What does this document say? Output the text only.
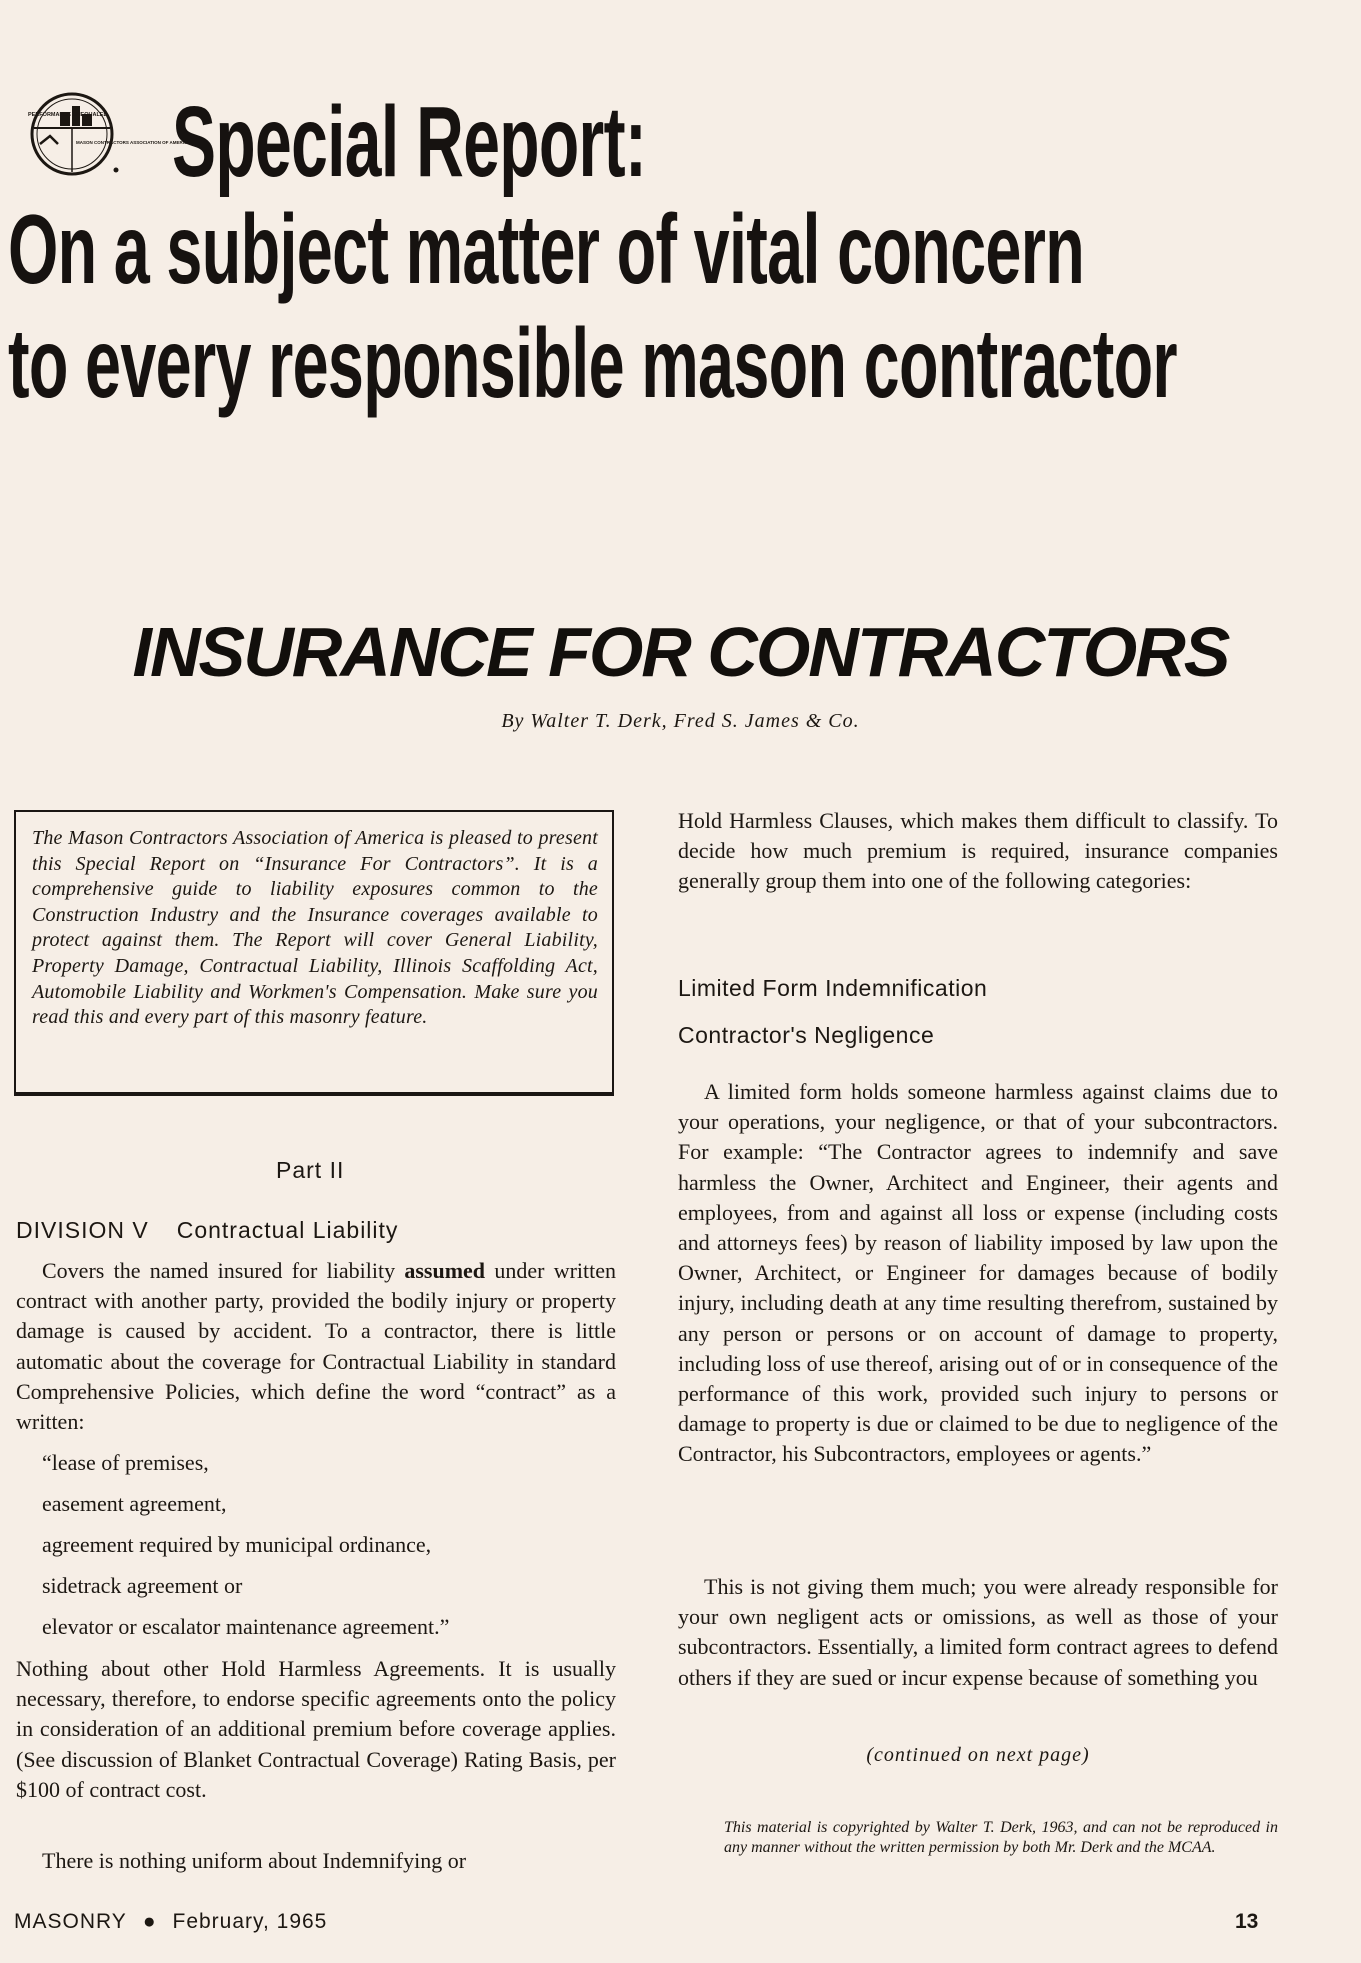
PERFORMANCE UNEQUALED
MASON CONTRACTORS ASSOCIATION OF AMERICA
Special Report:
On a subject matter of vital concern
to every responsible mason contractor
INSURANCE FOR CONTRACTORS
By Walter T. Derk, Fred S. James & Co.

The Mason Contractors Association of America is pleased to present this Special Report on “Insurance For Contractors”. It is a comprehensive guide to liability exposures common to the Construction Industry and the Insurance coverages available to protect against them. The Report will cover General Liability, Property Damage, Contractual Liability, Illinois Scaffolding Act, Automobile Liability and Workmen's Compensation. Make sure you read this and every part of this masonry feature.

Part II
DIVISION V Contractual Liability

Covers the named insured for liability assumed under written contract with another party, provided the bodily injury or property damage is caused by accident. To a contractor, there is little automatic about the coverage for Contractual Liability in standard Comprehensive Policies, which define the word “contract” as a written:

“lease of premises,
easement agreement,
agreement required by municipal ordinance,
sidetrack agreement or
elevator or escalator maintenance agreement.”

Nothing about other Hold Harmless Agreements. It is usually necessary, therefore, to endorse specific agreements onto the policy in consideration of an additional premium before coverage applies. (See discussion of Blanket Contractual Coverage) Rating Basis, per $100 of contract cost.

There is nothing uniform about Indemnifying or

Hold Harmless Clauses, which makes them difficult to classify. To decide how much premium is required, insurance companies generally group them into one of the following categories:

Limited Form Indemnification
Contractor's Negligence

A limited form holds someone harmless against claims due to your operations, your negligence, or that of your subcontractors. For example: “The Contractor agrees to indemnify and save harmless the Owner, Architect and Engineer, their agents and employees, from and against all loss or expense (including costs and attorneys fees) by reason of liability imposed by law upon the Owner, Architect, or Engineer for damages because of bodily injury, including death at any time resulting therefrom, sustained by any person or persons or on account of damage to property, including loss of use thereof, arising out of or in consequence of the performance of this work, provided such injury to persons or damage to property is due or claimed to be due to negligence of the Contractor, his Subcontractors, employees or agents.”

This is not giving them much; you were already responsible for your own negligent acts or omissions, as well as those of your subcontractors. Essentially, a limited form contract agrees to defend others if they are sued or incur expense because of something you

(continued on next page)
This material is copyrighted by Walter T. Derk, 1963, and can not be reproduced in any manner without the written permission by both Mr. Derk and the MCAA.
MASONRY ● February, 1965	13
